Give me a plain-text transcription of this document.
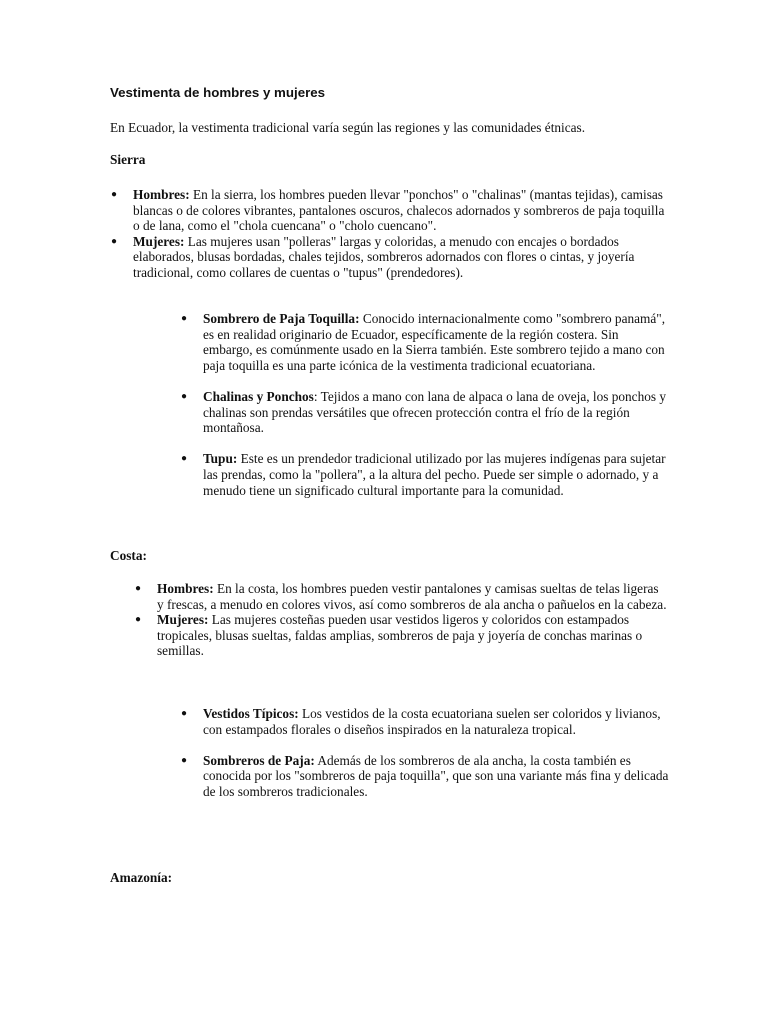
Vestimenta de hombres y mujeres
En Ecuador, la vestimenta tradicional varía según las regiones y las comunidades étnicas.
Sierra
● Hombres: En la sierra, los hombres pueden llevar "ponchos" o "chalinas" (mantas tejidas), camisas blancas o de colores vibrantes, pantalones oscuros, chalecos adornados y sombreros de paja toquilla o de lana, como el "chola cuencana" o "cholo cuencano".
● Mujeres: Las mujeres usan "polleras" largas y coloridas, a menudo con encajes o bordados elaborados, blusas bordadas, chales tejidos, sombreros adornados con flores o cintas, y joyería tradicional, como collares de cuentas o "tupus" (prendedores).
● Sombrero de Paja Toquilla: Conocido internacionalmente como "sombrero panamá", es en realidad originario de Ecuador, específicamente de la región costera. Sin embargo, es comúnmente usado en la Sierra también. Este sombrero tejido a mano con paja toquilla es una parte icónica de la vestimenta tradicional ecuatoriana.
● Chalinas y Ponchos: Tejidos a mano con lana de alpaca o lana de oveja, los ponchos y chalinas son prendas versátiles que ofrecen protección contra el frío de la región montañosa.
● Tupu: Este es un prendedor tradicional utilizado por las mujeres indígenas para sujetar las prendas, como la "pollera", a la altura del pecho. Puede ser simple o adornado, y a menudo tiene un significado cultural importante para la comunidad.
Costa:
● Hombres: En la costa, los hombres pueden vestir pantalones y camisas sueltas de telas ligeras y frescas, a menudo en colores vivos, así como sombreros de ala ancha o pañuelos en la cabeza.
● Mujeres: Las mujeres costeñas pueden usar vestidos ligeros y coloridos con estampados tropicales, blusas sueltas, faldas amplias, sombreros de paja y joyería de conchas marinas o semillas.
● Vestidos Típicos: Los vestidos de la costa ecuatoriana suelen ser coloridos y livianos, con estampados florales o diseños inspirados en la naturaleza tropical.
● Sombreros de Paja: Además de los sombreros de ala ancha, la costa también es conocida por los "sombreros de paja toquilla", que son una variante más fina y delicada de los sombreros tradicionales.
Amazonía:
